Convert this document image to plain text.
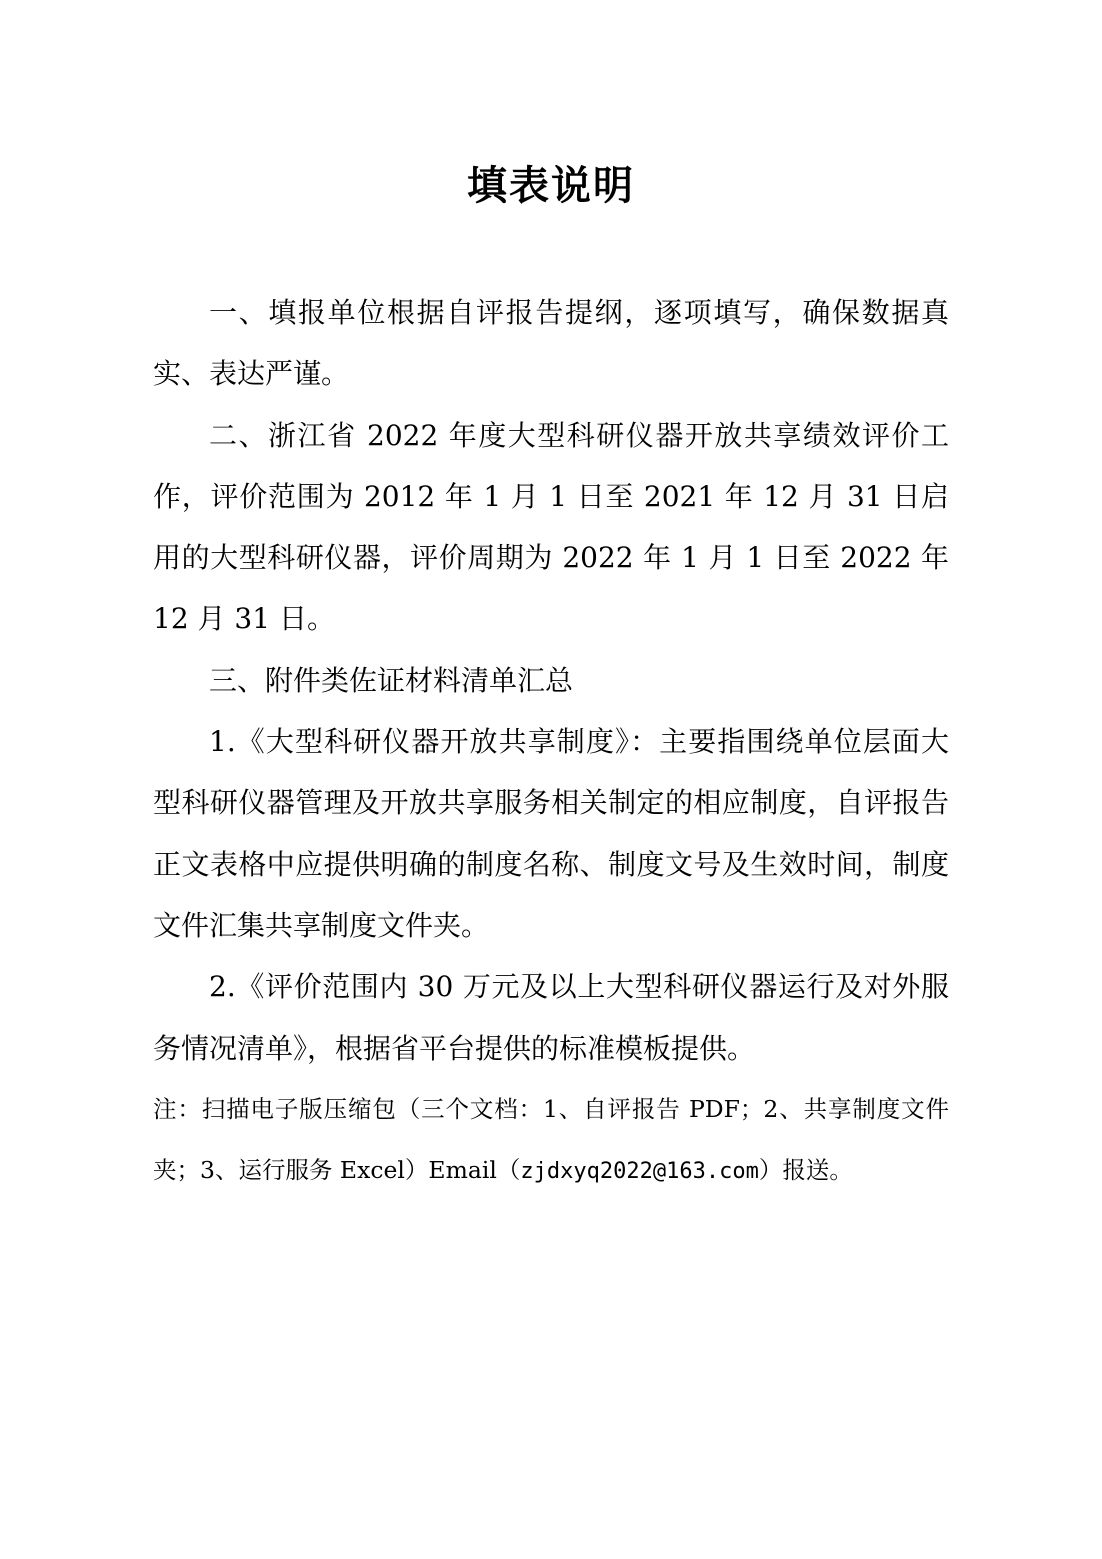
填表说明

一、填报单位根据自评报告提纲，逐项填写，确保数据真实、表达严谨。

二、浙江省 2022 年度大型科研仪器开放共享绩效评价工作，评价范围为 2012 年 1 月 1 日至 2021 年 12 月 31 日启用的大型科研仪器，评价周期为 2022 年 1 月 1 日至 2022 年 12 月 31 日。

三、附件类佐证材料清单汇总

1.《大型科研仪器开放共享制度》：主要指围绕单位层面大型科研仪器管理及开放共享服务相关制定的相应制度，自评报告正文表格中应提供明确的制度名称、制度文号及生效时间，制度文件汇集共享制度文件夹。

2.《评价范围内 30 万元及以上大型科研仪器运行及对外服务情况清单》，根据省平台提供的标准模板提供。

注：扫描电子版压缩包（三个文档：1、自评报告 PDF；2、共享制度文件夹；3、运行服务 Excel）Email（zjdxyq2022@163.com）报送。
